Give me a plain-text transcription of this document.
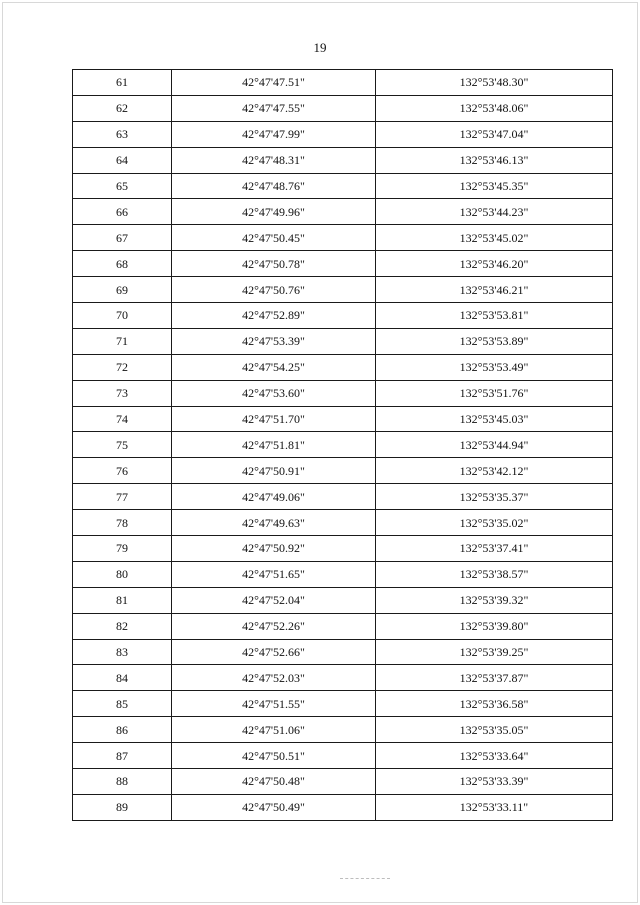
19
61	42°47'47.51"	132°53'48.30"
62	42°47'47.55"	132°53'48.06"
63	42°47'47.99"	132°53'47.04"
64	42°47'48.31"	132°53'46.13"
65	42°47'48.76"	132°53'45.35"
66	42°47'49.96"	132°53'44.23"
67	42°47'50.45"	132°53'45.02"
68	42°47'50.78"	132°53'46.20"
69	42°47'50.76"	132°53'46.21"
70	42°47'52.89"	132°53'53.81"
71	42°47'53.39"	132°53'53.89"
72	42°47'54.25"	132°53'53.49"
73	42°47'53.60"	132°53'51.76"
74	42°47'51.70"	132°53'45.03"
75	42°47'51.81"	132°53'44.94"
76	42°47'50.91"	132°53'42.12"
77	42°47'49.06"	132°53'35.37"
78	42°47'49.63"	132°53'35.02"
79	42°47'50.92"	132°53'37.41"
80	42°47'51.65"	132°53'38.57"
81	42°47'52.04"	132°53'39.32"
82	42°47'52.26"	132°53'39.80"
83	42°47'52.66"	132°53'39.25"
84	42°47'52.03"	132°53'37.87"
85	42°47'51.55"	132°53'36.58"
86	42°47'51.06"	132°53'35.05"
87	42°47'50.51"	132°53'33.64"
88	42°47'50.48"	132°53'33.39"
89	42°47'50.49"	132°53'33.11"
